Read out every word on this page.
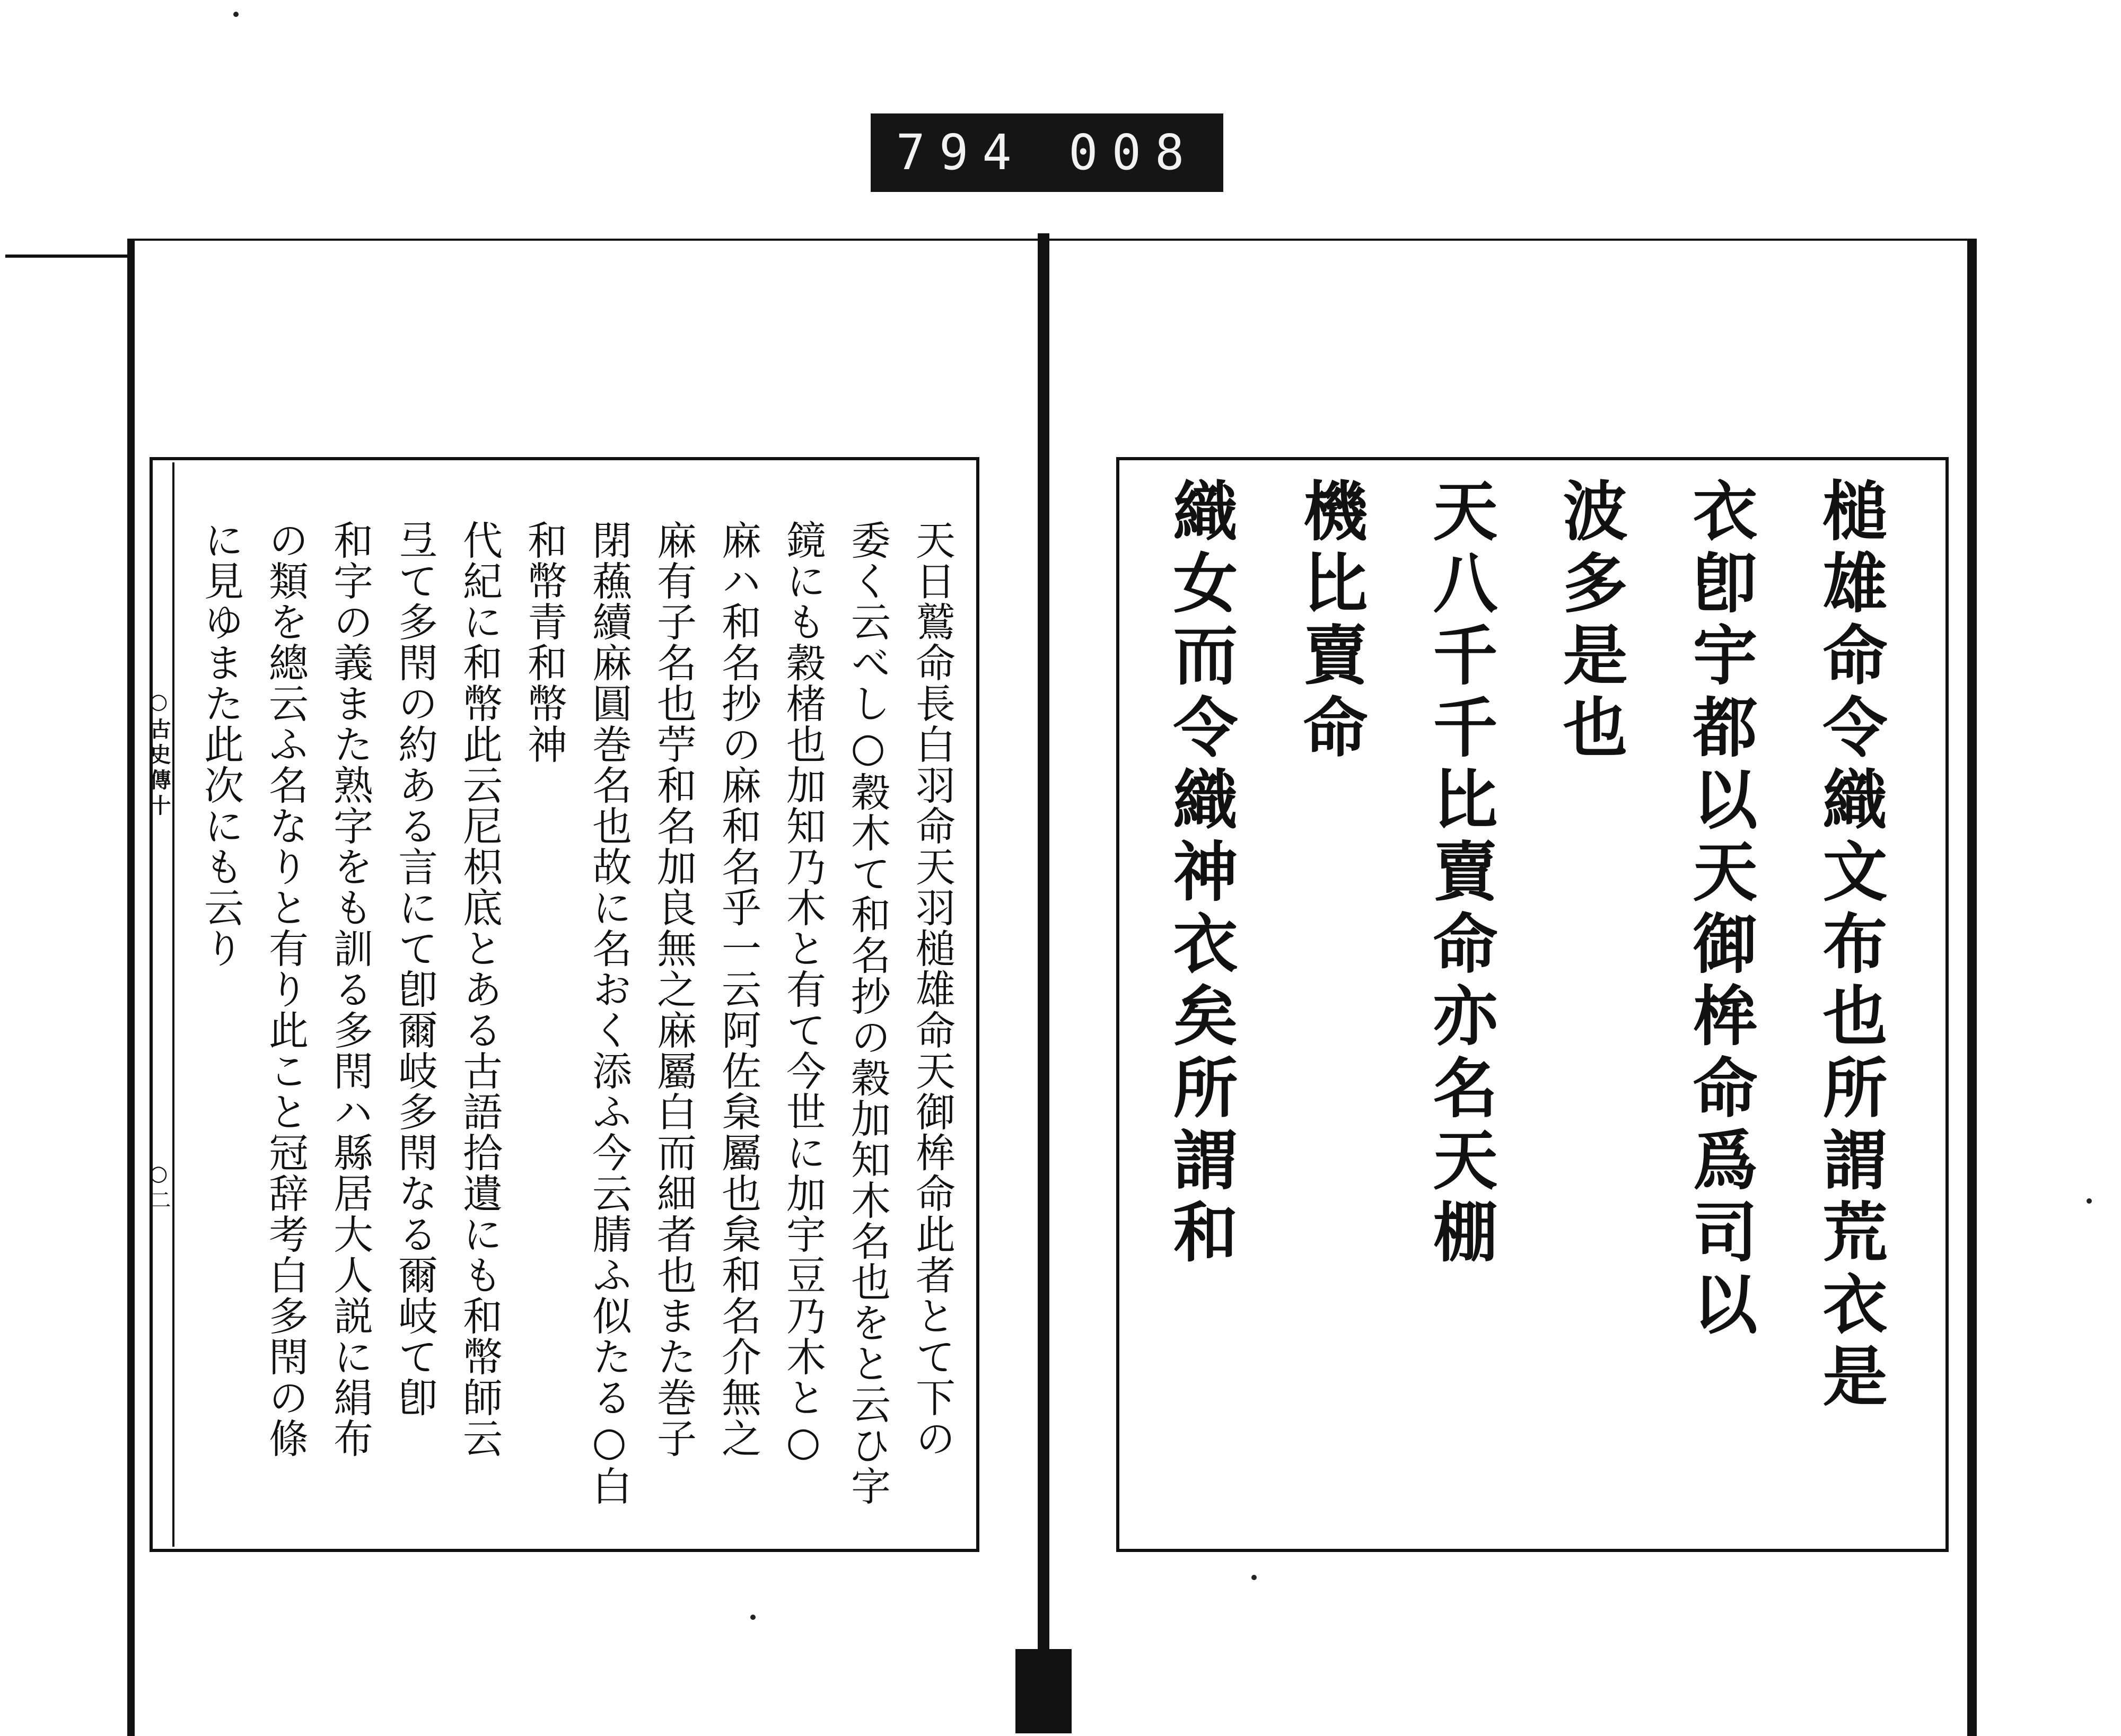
794 008
○古史傳十
○二	天日鷲命長白羽命天羽槌雄命天御桙命此者とて下の

委く云べし○穀木て和名抄の穀加知木名也をと云ひ字

鏡にも穀楮也加知乃木と有て今世に加宇豆乃木と○

麻ハ和名抄の麻和名乎一云阿佐枲屬也枲和名介無之

麻有子名也苧和名加良無之麻屬白而細者也また巻子

閉蘓續麻圓巻名也故に名おく添ふ今云腈ふ似たる○白和幣青和幣神

代紀に和幣此云尼枳底とある古語拾遺にも和幣師云

弖て多閇の約ある言にて卽爾岐多閇なる爾岐て卽

和字の義また熟字をも訓る多閇ハ縣居大人説に絹布

の類を總云ふ名なりと有り此こと冠辞考白多閇の條

に見ゆまた此次にも云り	槌雄命令織文布也所謂荒衣是

衣卽宇都以天御桙命爲司以

波多是也

天八千千比賣命亦名天棚

機比賣命

織女而令織神衣矣所謂和
